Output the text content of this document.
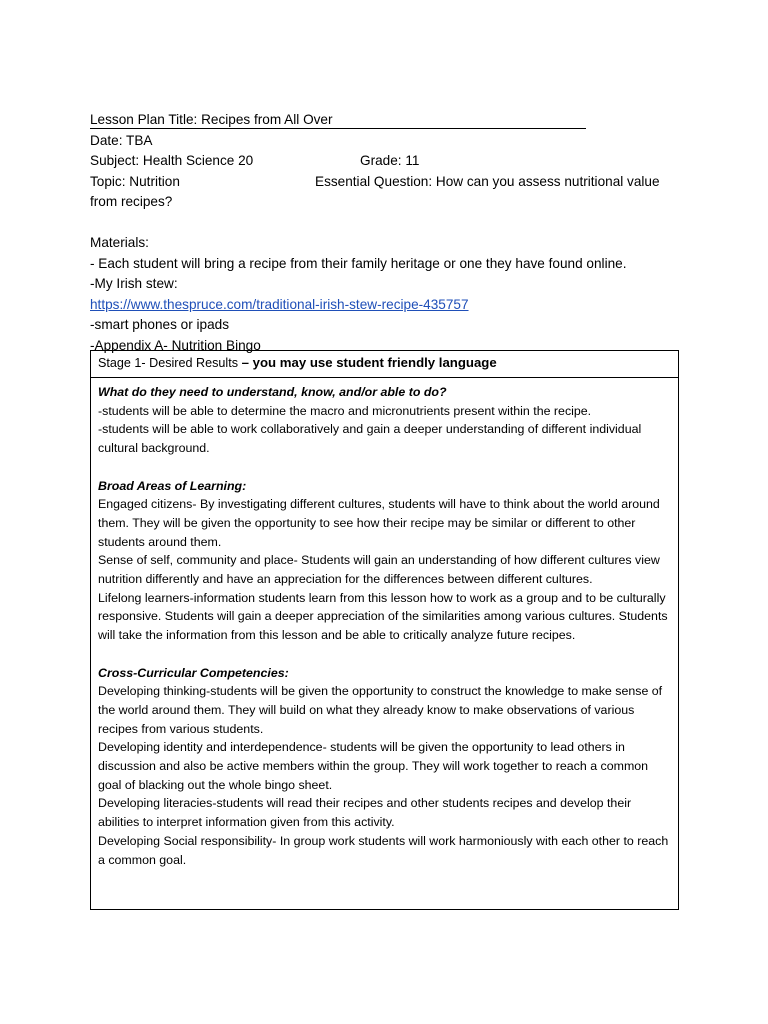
Lesson Plan Title: Recipes from All Over
Date: TBA
Subject: Health Science 20	Grade: 11
Topic: Nutrition	Essential Question: How can you assess nutritional value
from recipes?
Materials:
- Each student will bring a recipe from their family heritage or one they have found online.
-My Irish stew:
https://www.thespruce.com/traditional-irish-stew-recipe-435757
-smart phones or ipads
-Appendix A- Nutrition Bingo
Stage 1- Desired Results – you may use student friendly language

What do they need to understand, know, and/or able to do?

-students will be able to determine the macro and micronutrients present within the recipe.

-students will be able to work collaboratively and gain a deeper understanding of different individual cultural background.

Broad Areas of Learning:

Engaged citizens- By investigating different cultures, students will have to think about the world around them. They will be given the opportunity to see how their recipe may be similar or different to other students around them.

Sense of self, community and place- Students will gain an understanding of how different cultures view nutrition differently and have an appreciation for the differences between different cultures.

Lifelong learners-information students learn from this lesson how to work as a group and to be culturally responsive. Students will gain a deeper appreciation of the similarities among various cultures. Students will take the information from this lesson and be able to critically analyze future recipes.

Cross-Curricular Competencies:

Developing thinking-students will be given the opportunity to construct the knowledge to make sense of the world around them. They will build on what they already know to make observations of various recipes from various students.

Developing identity and interdependence- students will be given the opportunity to lead others in discussion and also be active members within the group. They will work together to reach a common goal of blacking out the whole bingo sheet.

Developing literacies-students will read their recipes and other students recipes and develop their abilities to interpret information given from this activity.

Developing Social responsibility- In group work students will work harmoniously with each other to reach a common goal.
